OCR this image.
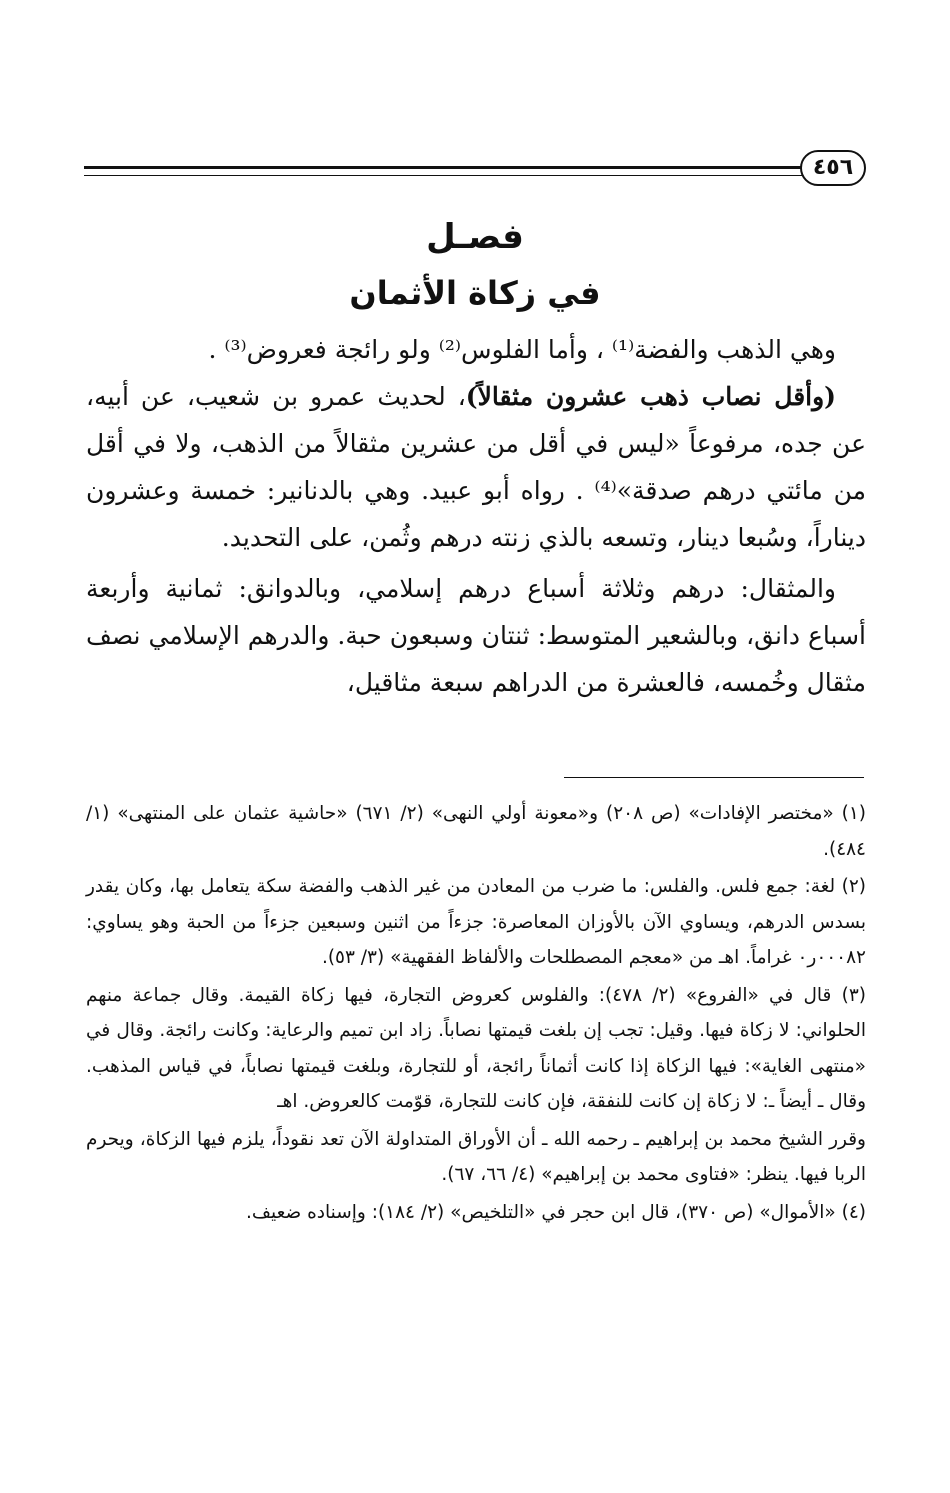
٤٥٦
فصـل
في زكاة الأثمان

وهي الذهب والفضة⁽¹⁾ ، وأما الفلوس⁽²⁾ ولو رائجة فعروض⁽³⁾ .

(وأقل نصاب ذهب عشرون مثقالاً)، لحديث عمرو بن شعيب، عن أبيه، عن جده، مرفوعاً «ليس في أقل من عشرين مثقالاً من الذهب، ولا في أقل من مائتي درهم صدقة»⁽⁴⁾ . رواه أبو عبيد. وهي بالدنانير: خمسة وعشرون ديناراً، وسُبعا دينار، وتسعه بالذي زنته درهم وثُمن، على التحديد.

والمثقال: درهم وثلاثة أسباع درهم إسلامي، وبالدوانق: ثمانية وأربعة أسباع دانق، وبالشعير المتوسط: ثنتان وسبعون حبة. والدرهم الإسلامي نصف مثقال وخُمسه، فالعشرة من الدراهم سبعة مثاقيل،

(١) «مختصر الإفادات» (ص ٢٠٨) و«معونة أولي النهى» (٢/ ٦٧١) «حاشية عثمان على المنتهى» (١/ ٤٨٤).

(٢) لغة: جمع فلس. والفلس: ما ضرب من المعادن من غير الذهب والفضة سكة يتعامل بها، وكان يقدر بسدس الدرهم، ويساوي الآن بالأوزان المعاصرة: جزءاً من اثنين وسبعين جزءاً من الحبة وهو يساوي: ٠٠٠٨٢ر٠ غراماً. اهـ من «معجم المصطلحات والألفاظ الفقهية» (٣/ ٥٣).

(٣) قال في «الفروع» (٢/ ٤٧٨): والفلوس كعروض التجارة، فيها زكاة القيمة. وقال جماعة منهم الحلواني: لا زكاة فيها. وقيل: تجب إن بلغت قيمتها نصاباً. زاد ابن تميم والرعاية: وكانت رائجة. وقال في «منتهى الغاية»: فيها الزكاة إذا كانت أثماناً رائجة، أو للتجارة، وبلغت قيمتها نصاباً، في قياس المذهب. وقال ـ أيضاً ـ: لا زكاة إن كانت للنفقة، فإن كانت للتجارة، قوّمت كالعروض. اهـ

وقرر الشيخ محمد بن إبراهيم ـ رحمه الله ـ أن الأوراق المتداولة الآن تعد نقوداً، يلزم فيها الزكاة، ويحرم الربا فيها. ينظر: «فتاوى محمد بن إبراهيم» (٤/ ٦٦، ٦٧).

(٤) «الأموال» (ص ٣٧٠)، قال ابن حجر في «التلخيص» (٢/ ١٨٤): وإسناده ضعيف.
